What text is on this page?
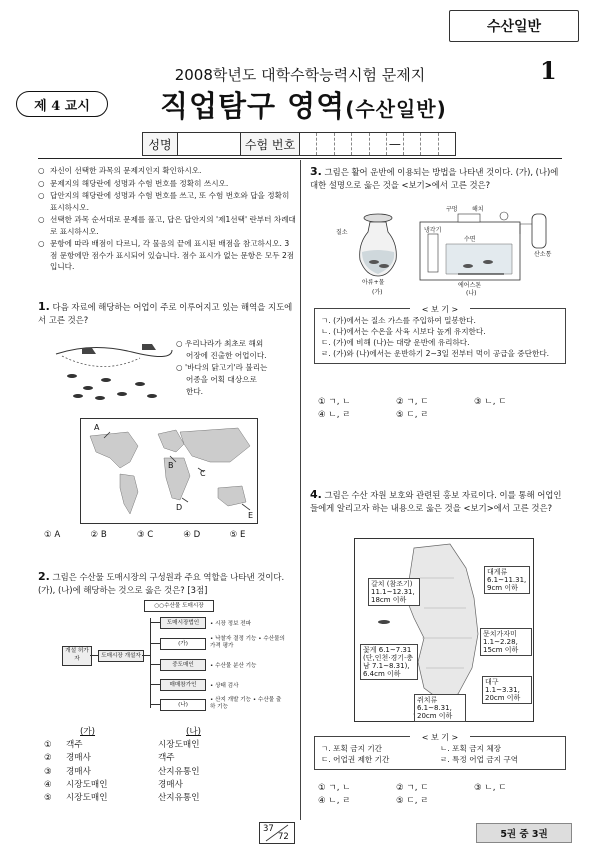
수산일반
2008학년도 대학수학능력시험 문제지	1
제 4 교시	직업탐구 영역(수산일반)
성명	수험 번호	—
○ 자신이 선택한 과목의 문제지인지 확인하시오.
○ 문제지의 해당란에 성명과 수험 번호를 정확히 쓰시오.
○ 답안지의 해당란에 성명과 수험 번호를 쓰고, 또 수험 번호와 답을 정확히 표시하시오.
○ 선택한 과목 순서대로 문제를 풀고, 답은 답안지의 '제1선택' 란부터 차례대로 표시하시오.
○ 문항에 따라 배점이 다르니, 각 물음의 끝에 표시된 배점을 참고하시오. 3점 문항에만 점수가 표시되어 있습니다. 점수 표시가 없는 문항은 모두 2점입니다.
1. 다음 자료에 해당하는 어업이 주로 이루어지고 있는 해역을 지도에서 고른 것은?
○ 우리나라가 최초로 해외
어장에 진출한 어업이다.
○ '바다의 닭고기'라 불리는
어종을 어획 대상으로
한다.
A
B
C
D
E
① A	② B	③ C	④ D	⑤ E
2. 그림은 수산물 도매시장의 구성원과 주요 역할을 나타낸 것이다. (가), (나)에 해당하는 것으로 옳은 것은? [3점]
○○수산물 도매시장
개설 허가자	도매시장 개설자
도매시장법인
(가)
중도매인
매매참가인
(나)
• 시장 정보 전파
• 낙찰자 결정 기능 • 수산물의 가격 평가
• 수산물 분산 기능
• 상태 검사
• 산지 개발 기능 • 수산물 출하 기능
(가)	(나)
①	객주	시장도매인
②	경매사	객주
③	경매사	산지유통인
④	시장도매인	경매사
⑤	시장도매인	산지유통인
3. 그림은 활어 운반에 이용되는 방법을 나타낸 것이다. (가), (나)에 대한 설명으로 옳은 것을 <보기>에서 고른 것은?
질소
아류+물
(가)
구멍 해치
산소통
냉각기
수면
에어스톤
(나)
< 보 기 >
ㄱ. (가)에서는 질소 가스를 주입하여 밀봉한다.
ㄴ. (나)에서는 수온을 사육 시보다 높게 유지한다.
ㄷ. (가)에 비해 (나)는 대량 운반에 유리하다.
ㄹ. (가)와 (나)에서는 운반하기 2~3일 전부터 먹이 공급을 중단한다.
① ㄱ, ㄴ	② ㄱ, ㄷ	③ ㄴ, ㄷ
④ ㄴ, ㄹ	⑤ ㄷ, ㄹ
4. 그림은 수산 자원 보호와 관련된 홍보 자료이다. 이를 통해 어업인들에게 알리고자 하는 내용으로 옳은 것을 <보기>에서 고른 것은?
갈치 (참조기) 11.1~12.31, 18cm 이하
대게류 6.1~11.31, 9cm 이하
꽃게 6.1~7.31 (단,인천·경기·충남 7.1~8.31), 6.4cm 이하
문치가자미 1.1~2.28, 15cm 이하
대구 1.1~3.31, 20cm 이하
쥐치류 6.1~8.31, 20cm 이하
< 보 기 >
ㄱ. 포획 금지 기간	ㄴ. 포획 금지 체장
ㄷ. 어업권 제한 기간	ㄹ. 특정 어업 금지 구역
① ㄱ, ㄴ	② ㄱ, ㄷ	③ ㄴ, ㄷ
④ ㄴ, ㄹ	⑤ ㄷ, ㄹ
37
72	5권 중 3권
